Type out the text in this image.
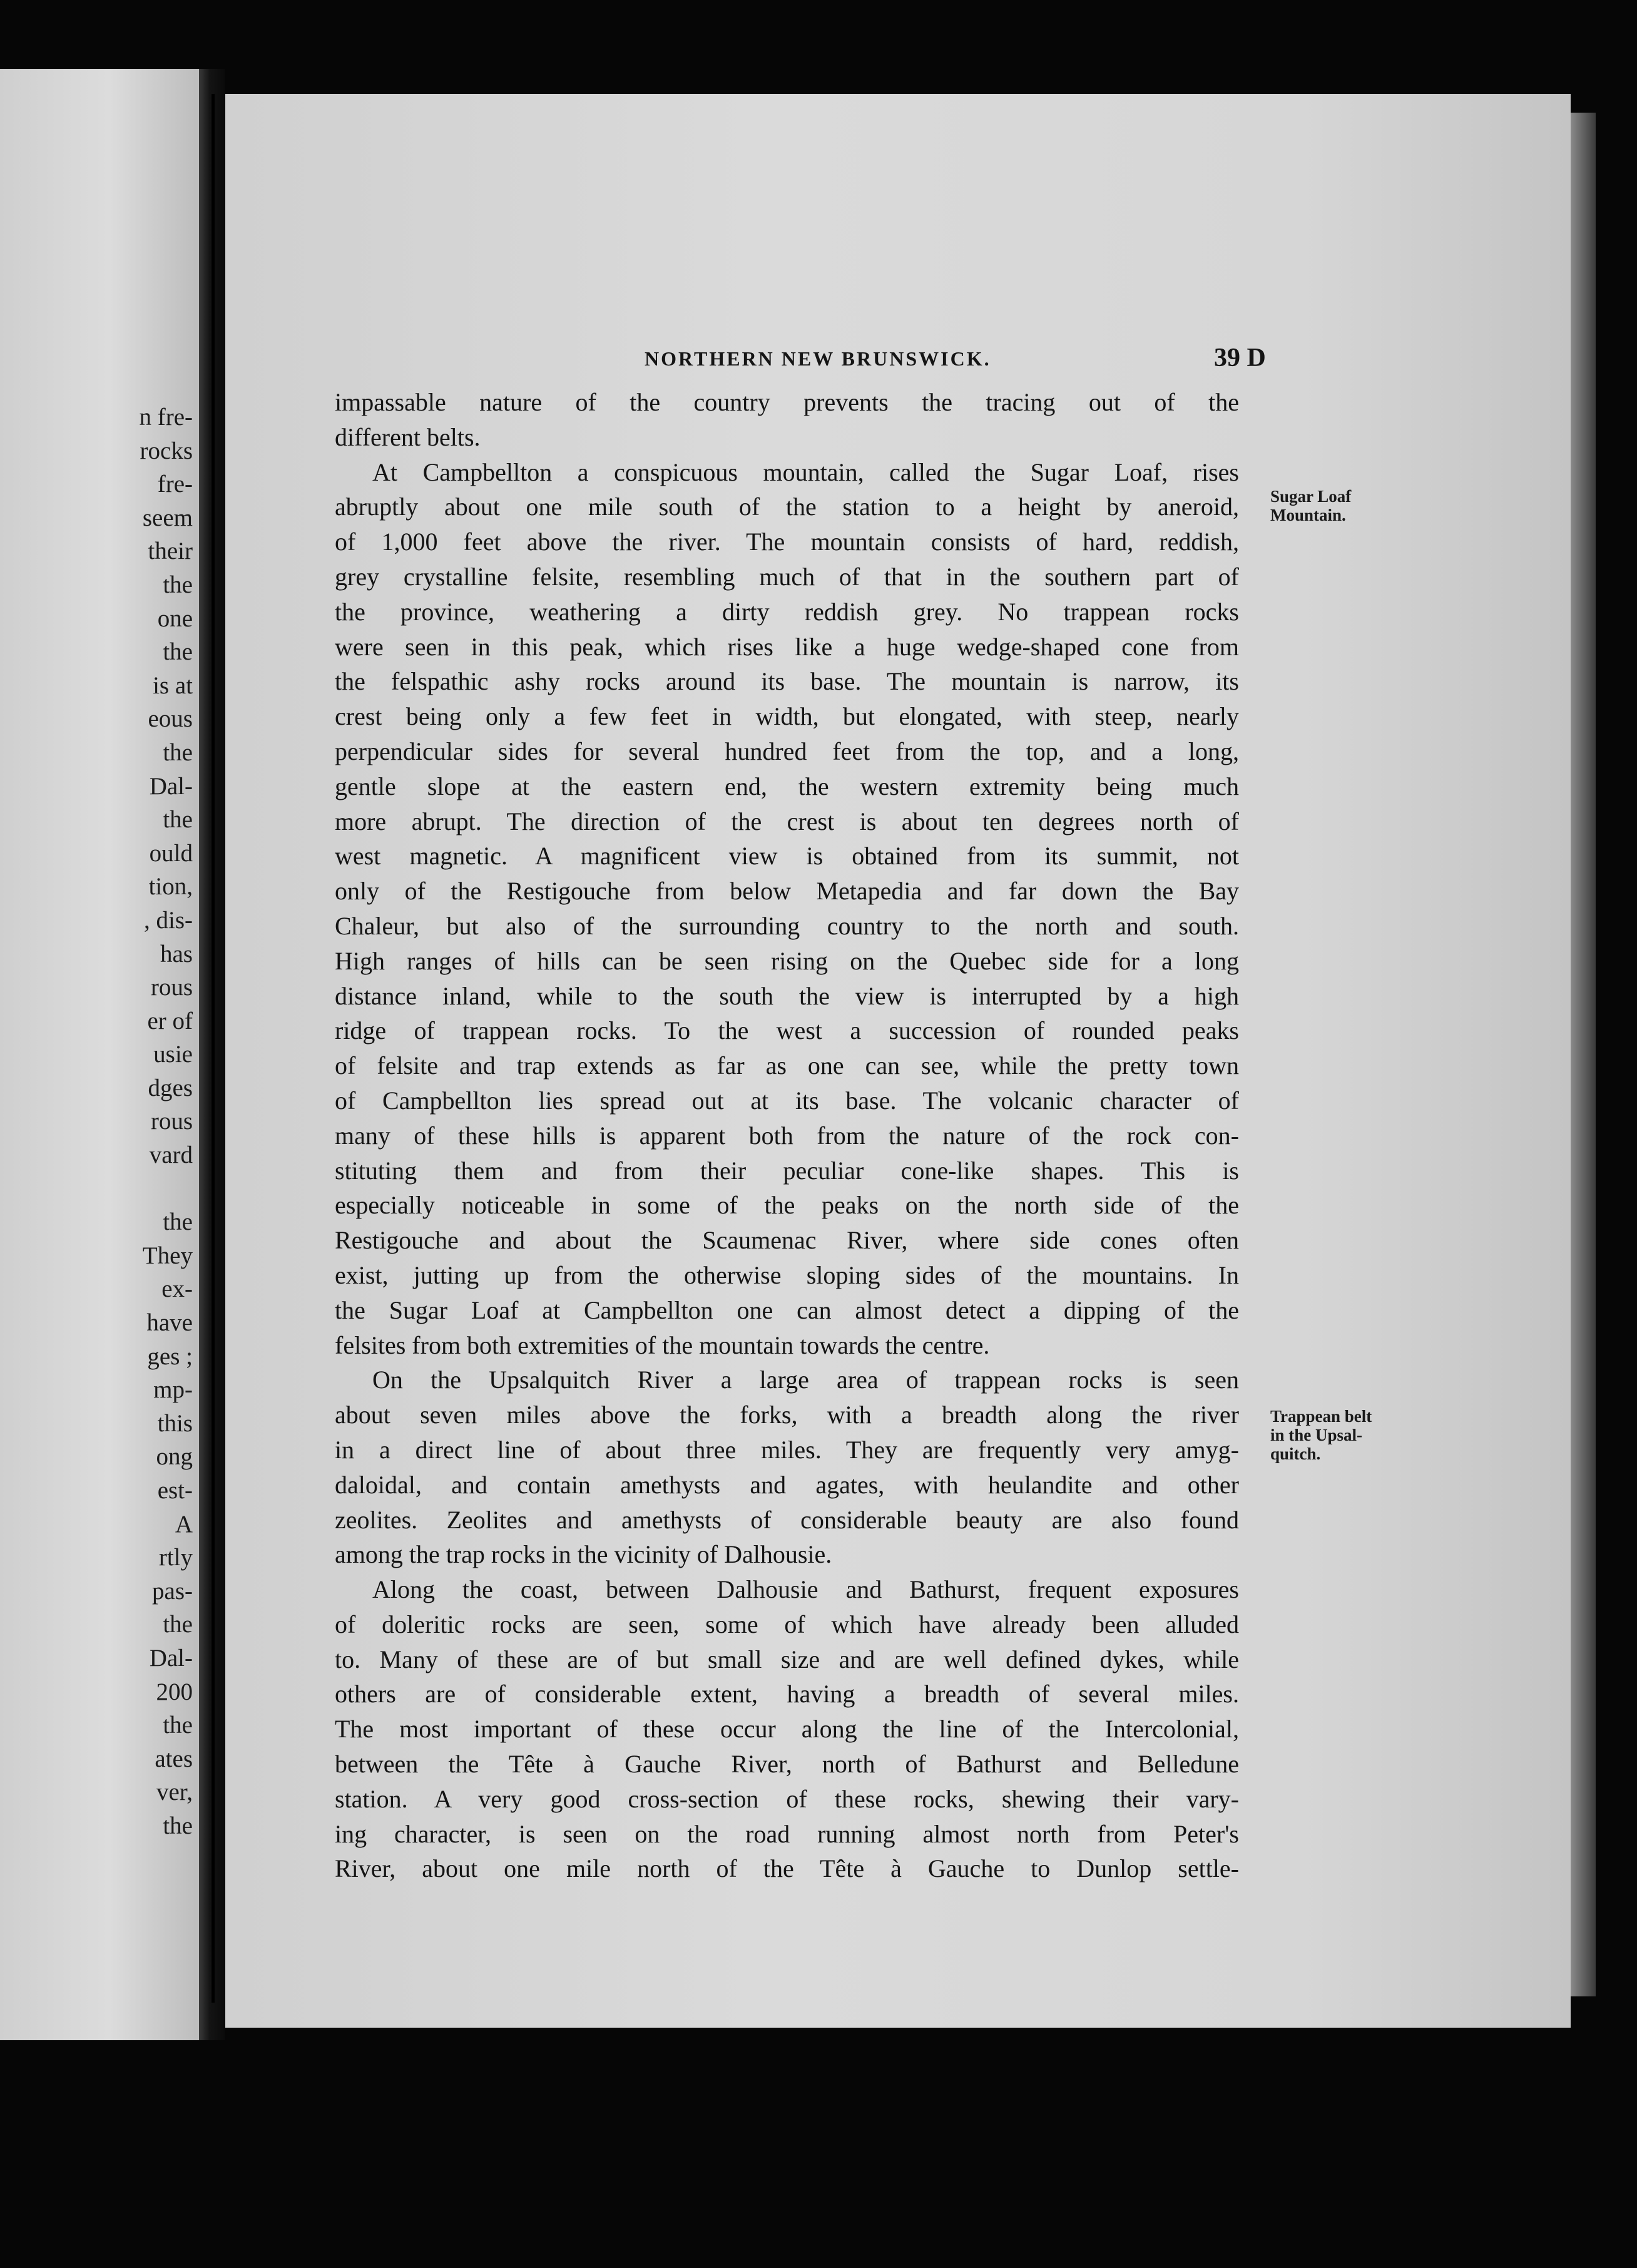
n fre-
rocks
fre-
seem
their
the
one
the
is at
eous
the
Dal-
the
ould
tion,
, dis-
has
rous
er of
usie
dges
rous
vard
the
They
ex-
have
ges ;
mp-
this
ong
est-
A
rtly
pas-
the
Dal-
200
the
ates
ver,
the
NORTHERN NEW BRUNSWICK.	39 D
impassable nature of the country prevents the tracing out of the
different belts.
At Campbellton a conspicuous mountain, called the Sugar Loaf, rises
abruptly about one mile south of the station to a height by aneroid,
of 1,000 feet above the river. The mountain consists of hard, reddish,
grey crystalline felsite, resembling much of that in the southern part of
the province, weathering a dirty reddish grey. No trappean rocks
were seen in this peak, which rises like a huge wedge-shaped cone from
the felspathic ashy rocks around its base. The mountain is narrow, its
crest being only a few feet in width, but elongated, with steep, nearly
perpendicular sides for several hundred feet from the top, and a long,
gentle slope at the eastern end, the western extremity being much
more abrupt. The direction of the crest is about ten degrees north of
west magnetic. A magnificent view is obtained from its summit, not
only of the Restigouche from below Metapedia and far down the Bay
Chaleur, but also of the surrounding country to the north and south.
High ranges of hills can be seen rising on the Quebec side for a long
distance inland, while to the south the view is interrupted by a high
ridge of trappean rocks. To the west a succession of rounded peaks
of felsite and trap extends as far as one can see, while the pretty town
of Campbellton lies spread out at its base. The volcanic character of
many of these hills is apparent both from the nature of the rock con-
stituting them and from their peculiar cone-like shapes. This is
especially noticeable in some of the peaks on the north side of the
Restigouche and about the Scaumenac River, where side cones often
exist, jutting up from the otherwise sloping sides of the mountains. In
the Sugar Loaf at Campbellton one can almost detect a dipping of the
felsites from both extremities of the mountain towards the centre.
On the Upsalquitch River a large area of trappean rocks is seen
about seven miles above the forks, with a breadth along the river
in a direct line of about three miles. They are frequently very amyg-
daloidal, and contain amethysts and agates, with heulandite and other
zeolites. Zeolites and amethysts of considerable beauty are also found
among the trap rocks in the vicinity of Dalhousie.
Along the coast, between Dalhousie and Bathurst, frequent exposures
of doleritic rocks are seen, some of which have already been alluded
to. Many of these are of but small size and are well defined dykes, while
others are of considerable extent, having a breadth of several miles.
The most important of these occur along the line of the Intercolonial,
between the Tête à Gauche River, north of Bathurst and Belledune
station. A very good cross-section of these rocks, shewing their vary-
ing character, is seen on the road running almost north from Peter's
River, about one mile north of the Tête à Gauche to Dunlop settle-
Sugar Loaf
Mountain.
Trappean belt
in the Upsal-
quitch.
